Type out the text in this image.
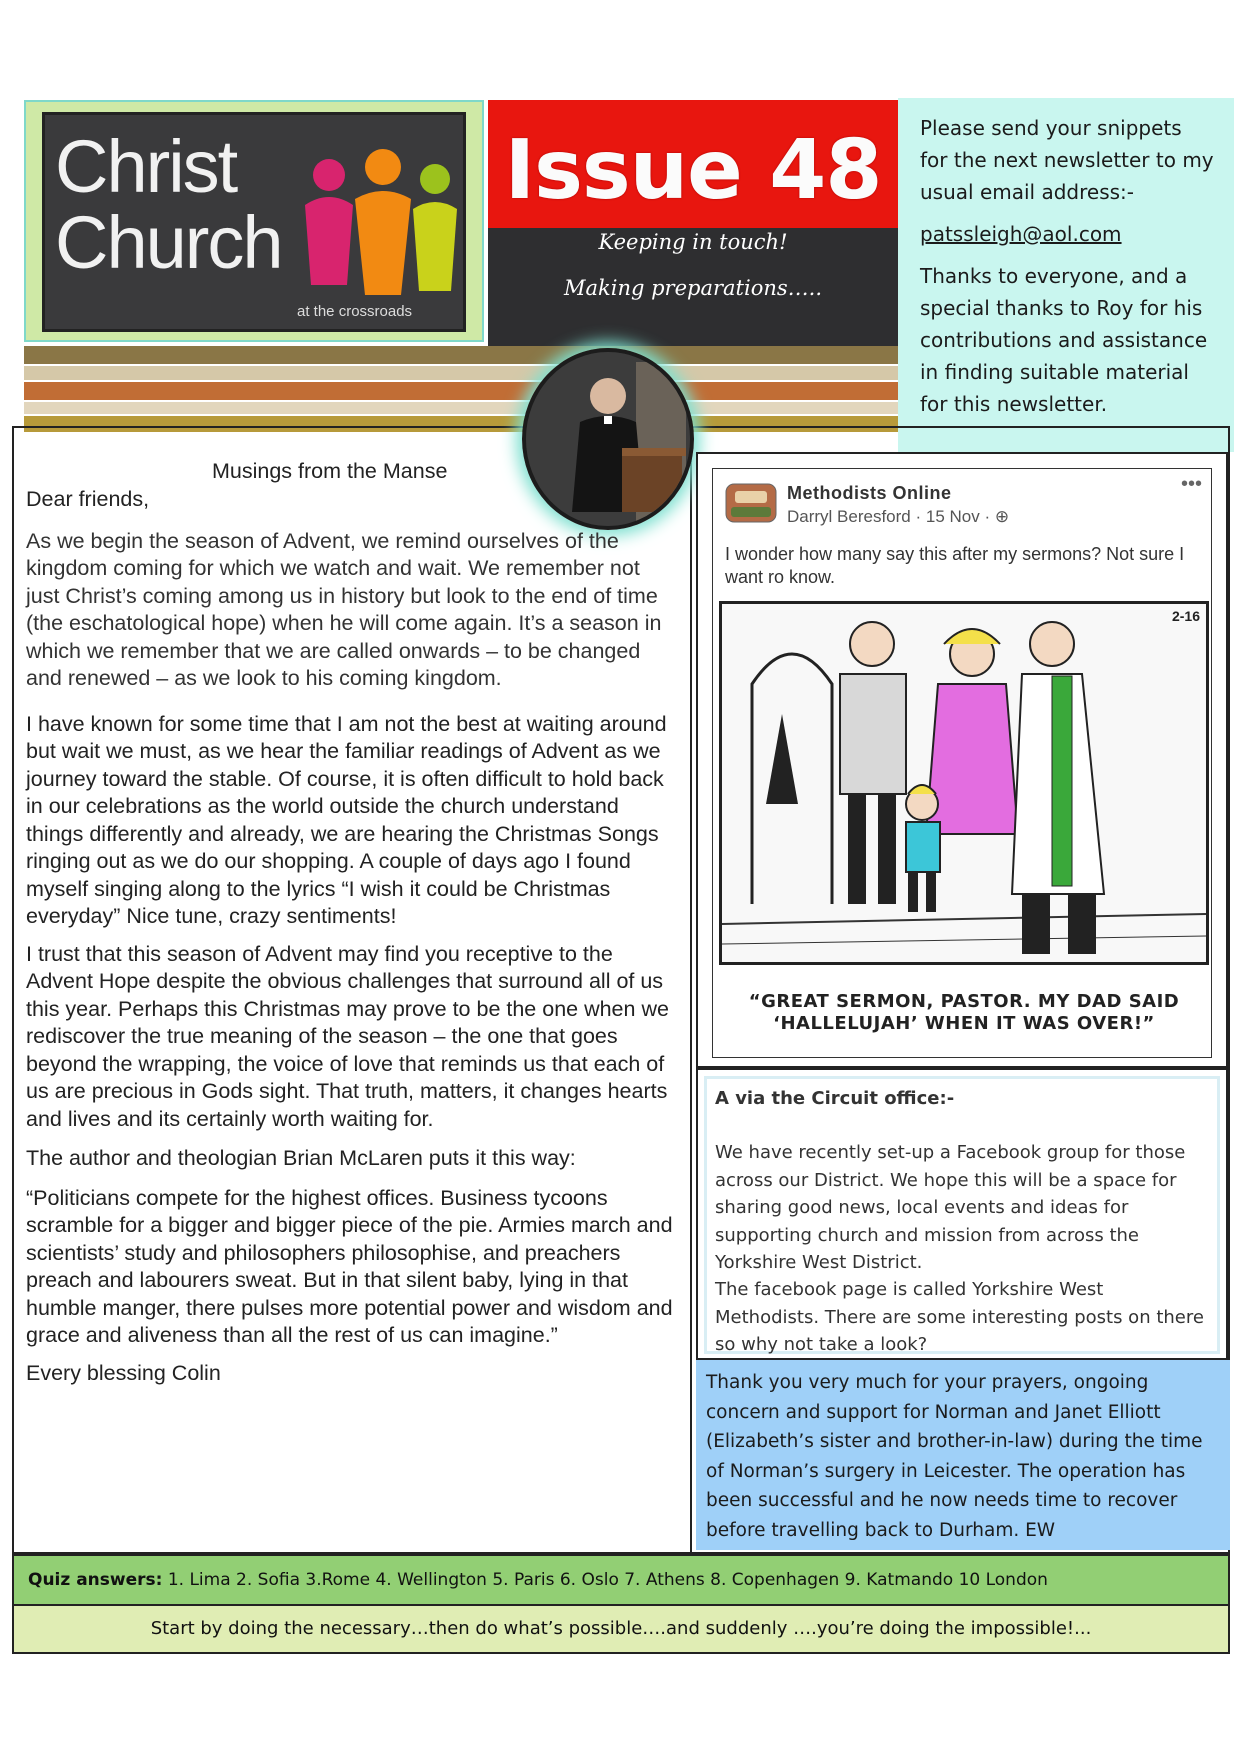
Christ
Church
at the crossroads
Issue 48
Keeping in touch!
Making preparations…..

Please send your snippets for the next newsletter to my usual email address:-

patssleigh@aol.com

Thanks to everyone, and a special thanks to Roy for his contributions and assistance in finding suitable material for this newsletter.

Musings from the Manse

Dear friends,

As we begin the season of Advent, we remind ourselves of the kingdom coming for which we watch and wait. We remember not just Christ’s coming among us in history but look to the end of time (the eschatological hope) when he will come again. It’s a season in which we remember that we are called onwards – to be changed and renewed – as we look to his coming kingdom.

I have known for some time that I am not the best at waiting around but wait we must, as we hear the familiar readings of Advent as we journey toward the stable. Of course, it is often difficult to hold back in our celebrations as the world outside the church understand things differently and already, we are hearing the Christmas Songs ringing out as we do our shopping. A couple of days ago I found myself singing along to the lyrics “I wish it could be Christmas everyday” Nice tune, crazy sentiments!

I trust that this season of Advent may find you receptive to the Advent Hope despite the obvious challenges that surround all of us this year. Perhaps this Christmas may prove to be the one when we rediscover the true meaning of the season – the one that goes beyond the wrapping, the voice of love that reminds us that each of us are precious in Gods sight. That truth, matters, it changes hearts and lives and its certainly worth waiting for.

The author and theologian Brian McLaren puts it this way:

“Politicians compete for the highest offices. Business tycoons scramble for a bigger and bigger piece of the pie. Armies march and scientists’ study and philosophers philosophise, and preachers preach and labourers sweat. But in that silent baby, lying in that humble manger, there pulses more potential power and wisdom and grace and aliveness than all the rest of us can imagine.”

Every blessing Colin

Methodists Online
Darryl Beresford · 15 Nov · ⊕
•••
I wonder how many say this after my sermons? Not sure I want ro know.
2-16
“GREAT SERMON, PASTOR. MY DAD SAID ‘HALLELUJAH’ WHEN IT WAS OVER!”

A via the Circuit office:-

We have recently set-up a Facebook group for those across our District. We hope this will be a space for sharing good news, local events and ideas for supporting church and mission from across the Yorkshire West District.

The facebook page is called Yorkshire West Methodists. There are some interesting posts on there so why not take a look?

Thank you very much for your prayers, ongoing concern and support for Norman and Janet Elliott (Elizabeth’s sister and brother-in-law) during the time of Norman’s surgery in Leicester. The operation has been successful and he now needs time to recover before travelling back to Durham. EW
Quiz answers: 1. Lima 2. Sofia 3.Rome 4. Wellington 5. Paris 6. Oslo 7. Athens 8. Copenhagen 9. Katmando 10 London
Start by doing the necessary…then do what’s possible….and suddenly ….you’re doing the impossible!...
